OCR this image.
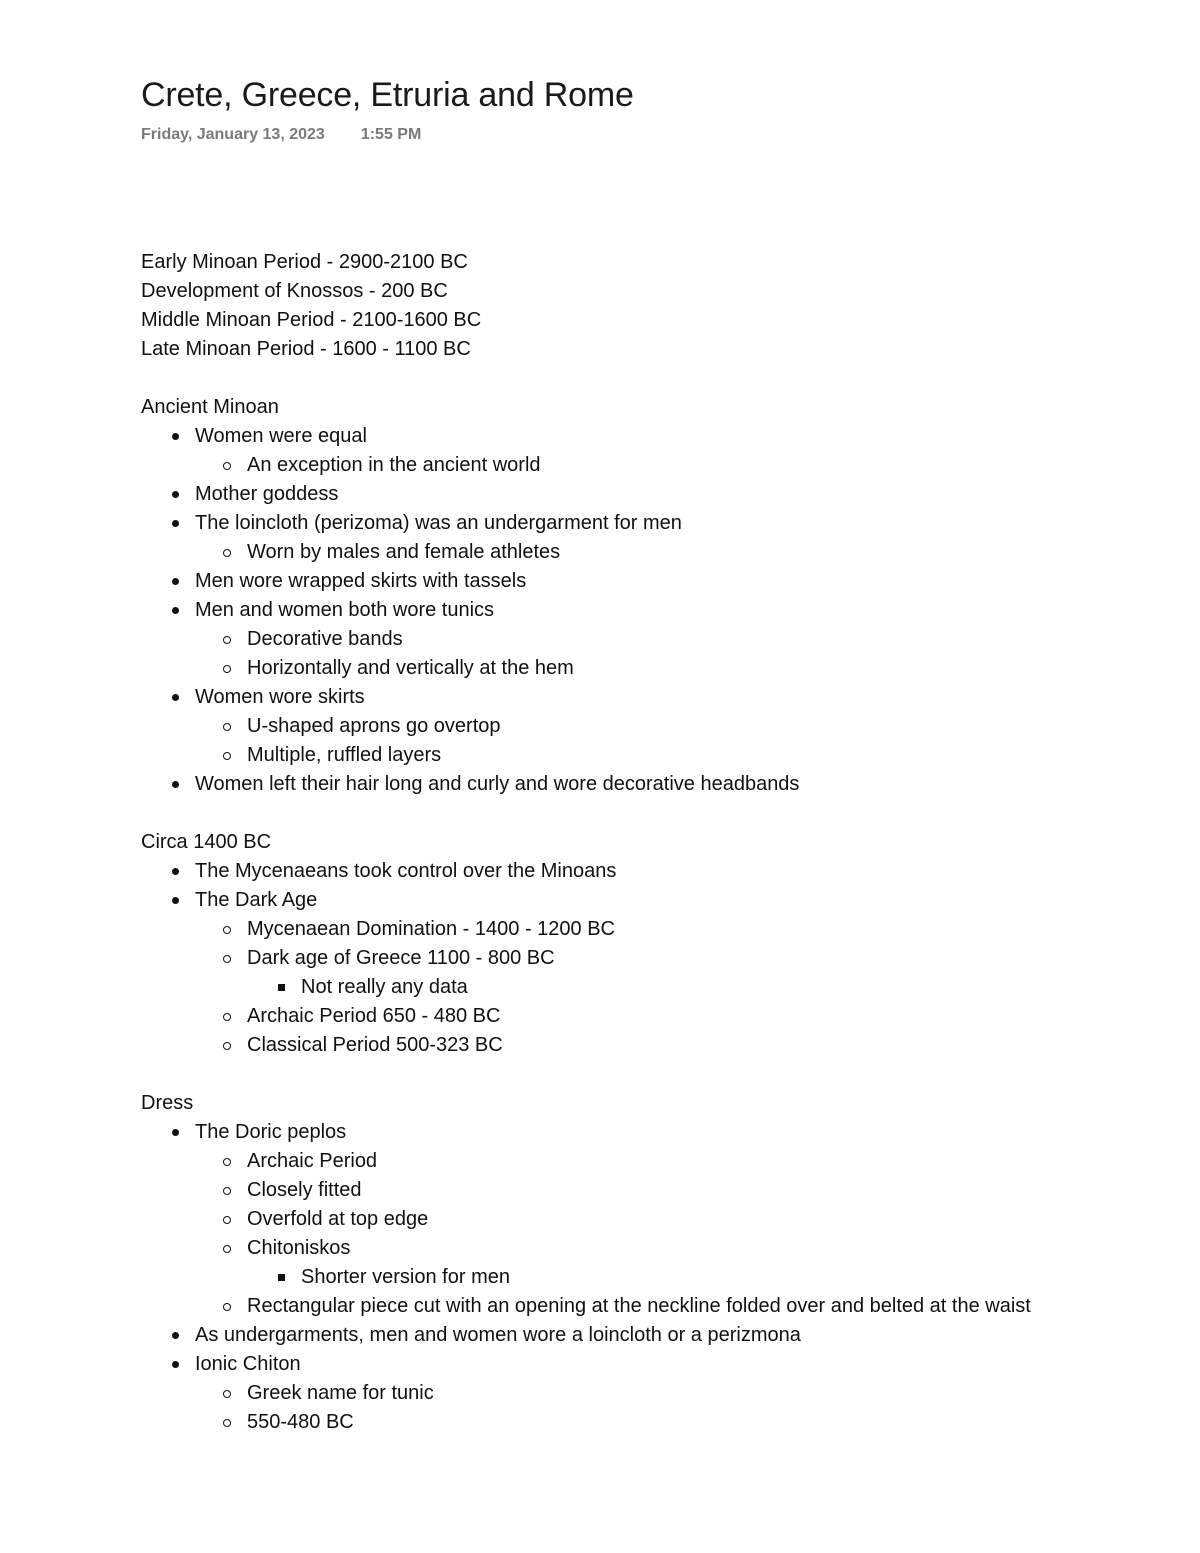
Crete, Greece, Etruria and Rome
Friday, January 13, 2023 1:55 PM
Early Minoan Period - 2900-2100 BC
Development of Knossos - 200 BC
Middle Minoan Period - 2100-1600 BC
Late Minoan Period - 1600 - 1100 BC
Ancient Minoan
Women were equal
An exception in the ancient world
Mother goddess
The loincloth (perizoma) was an undergarment for men
Worn by males and female athletes
Men wore wrapped skirts with tassels
Men and women both wore tunics
Decorative bands
Horizontally and vertically at the hem
Women wore skirts
U-shaped aprons go overtop
Multiple, ruffled layers
Women left their hair long and curly and wore decorative headbands
Circa 1400 BC
The Mycenaeans took control over the Minoans
The Dark Age
Mycenaean Domination - 1400 - 1200 BC
Dark age of Greece 1100 - 800 BC
Not really any data
Archaic Period 650 - 480 BC
Classical Period 500-323 BC
Dress
The Doric peplos
Archaic Period
Closely fitted
Overfold at top edge
Chitoniskos
Shorter version for men
Rectangular piece cut with an opening at the neckline folded over and belted at the waist
As undergarments, men and women wore a loincloth or a perizmona
Ionic Chiton
Greek name for tunic
550-480 BC
